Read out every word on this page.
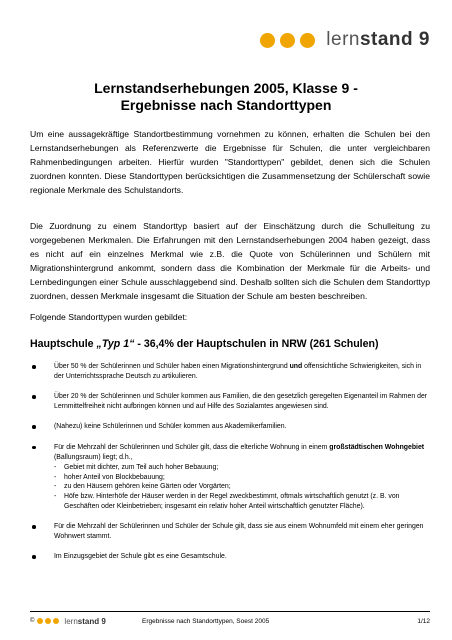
lernstand 9
Lernstandserhebungen 2005, Klasse 9 -
Ergebnisse nach Standorttypen
Um eine aussagekräftige Standortbestimmung vornehmen zu können, erhalten die Schulen bei den Lernstandserhebungen als Referenzwerte die Ergebnisse für Schulen, die unter vergleichbaren Rahmenbedingungen arbeiten. Hierfür wurden "Standorttypen" gebildet, denen sich die Schulen zuordnen konnten. Diese Standorttypen berücksichtigen die Zusammensetzung der Schülerschaft sowie regionale Merkmale des Schulstandorts.
Die Zuordnung zu einem Standorttyp basiert auf der Einschätzung durch die Schulleitung zu vorgegebenen Merkmalen. Die Erfahrungen mit den Lernstandserhebungen 2004 haben gezeigt, dass es nicht auf ein einzelnes Merkmal wie z.B. die Quote von Schülerinnen und Schülern mit Migrationshintergrund ankommt, sondern dass die Kombination der Merkmale für die Arbeits- und Lernbedingungen einer Schule ausschlaggebend sind. Deshalb sollten sich die Schulen dem Standorttyp zuordnen, dessen Merkmale insgesamt die Situation der Schule am besten beschreiben.
Folgende Standorttypen wurden gebildet:
Hauptschule „Typ 1“ - 36,4% der Hauptschulen in NRW (261 Schulen)
Über 50 % der Schülerinnen und Schüler haben einen Migrationshintergrund und offensichtliche Schwierigkeiten, sich in der Unterrichtssprache Deutsch zu artikulieren.
Über 20 % der Schülerinnen und Schüler kommen aus Familien, die den gesetzlich geregelten Eigenanteil im Rahmen der Lernmittelfreiheit nicht aufbringen können und auf Hilfe des Sozialamtes angewiesen sind.
(Nahezu) keine Schülerinnen und Schüler kommen aus Akademikerfamilien.
Für die Mehrzahl der Schülerinnen und Schüler gilt, dass die elterliche Wohnung in einem großstädtischen Wohngebiet (Ballungsraum) liegt; d.h.,
- Gebiet mit dichter, zum Teil auch hoher Bebauung;
- hoher Anteil von Blockbebauung;
- zu den Häusern gehören keine Gärten oder Vorgärten;
- Höfe bzw. Hinterhöfe der Häuser werden in der Regel zweckbestimmt, oftmals wirtschaftlich genutzt (z. B. von Geschäften oder Kleinbetrieben; insgesamt ein relativ hoher Anteil wirtschaftlich genutzter Fläche).
Für die Mehrzahl der Schülerinnen und Schüler der Schule gilt, dass sie aus einem Wohnumfeld mit einem eher geringen Wohnwert stammt.
Im Einzugsgebiet der Schule gibt es eine Gesamtschule.
©	lernstand 9	Ergebnisse nach Standorttypen, Soest 2005	1/12
